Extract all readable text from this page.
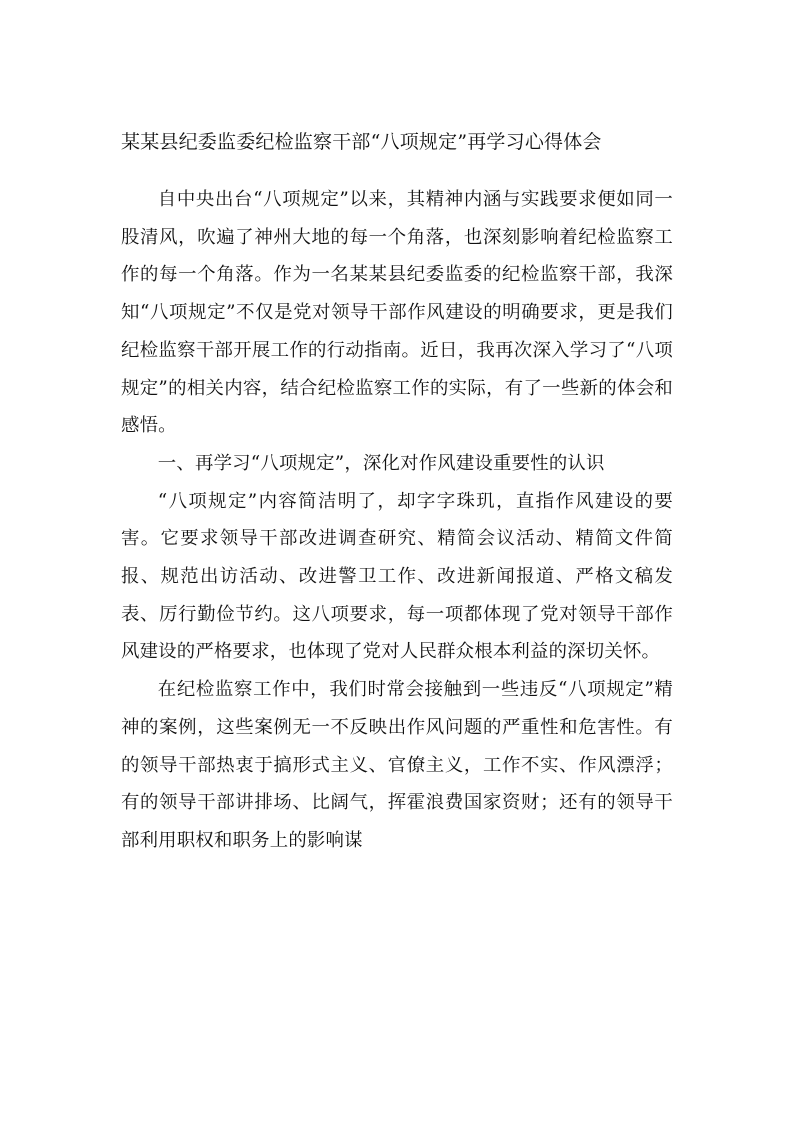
某某县纪委监委纪检监察干部“八项规定”再学习心得体会

自中央出台“八项规定”以来，其精神内涵与实践要求便如同一股清风，吹遍了神州大地的每一个角落，也深刻影响着纪检监察工作的每一个角落。作为一名某某县纪委监委的纪检监察干部，我深知“八项规定”不仅是党对领导干部作风建设的明确要求，更是我们纪检监察干部开展工作的行动指南。近日，我再次深入学习了“八项规定”的相关内容，结合纪检监察工作的实际，有了一些新的体会和感悟。

一、再学习“八项规定”，深化对作风建设重要性的认识

“八项规定”内容简洁明了，却字字珠玑，直指作风建设的要害。它要求领导干部改进调查研究、精简会议活动、精简文件简报、规范出访活动、改进警卫工作、改进新闻报道、严格文稿发表、厉行勤俭节约。这八项要求，每一项都体现了党对领导干部作风建设的严格要求，也体现了党对人民群众根本利益的深切关怀。

在纪检监察工作中，我们时常会接触到一些违反“八项规定”精神的案例，这些案例无一不反映出作风问题的严重性和危害性。有的领导干部热衷于搞形式主义、官僚主义，工作不实、作风漂浮；有的领导干部讲排场、比阔气，挥霍浪费国家资财；还有的领导干部利用职权和职务上的影响谋
